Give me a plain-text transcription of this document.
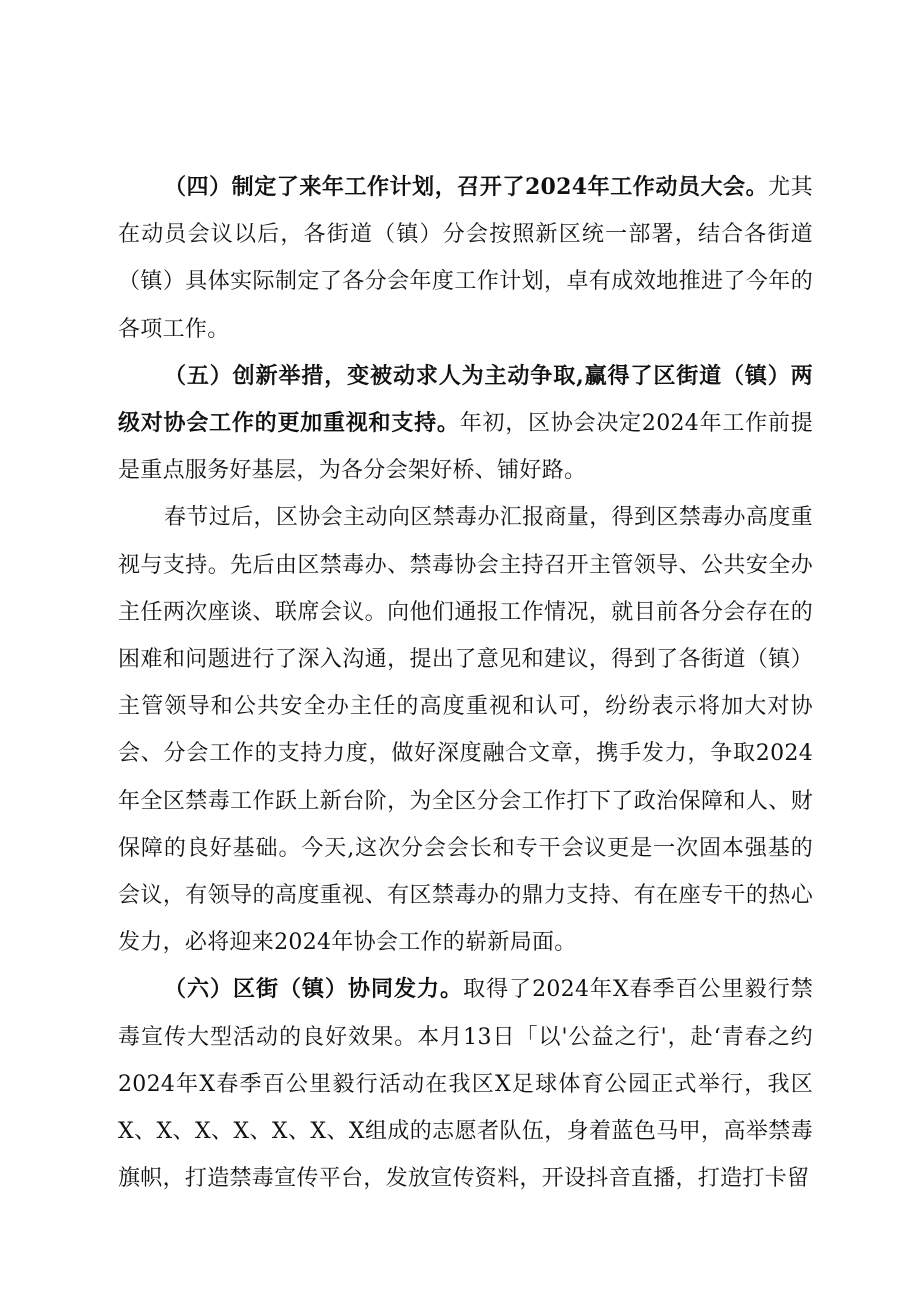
（四）制定了来年工作计划，召开了2024年工作动员大会。尤其在动员会议以后，各街道（镇）分会按照新区统一部署，结合各街道（镇）具体实际制定了各分会年度工作计划，卓有成效地推进了今年的各项工作。

（五）创新举措，变被动求人为主动争取,赢得了区街道（镇）两级对协会工作的更加重视和支持。年初，区协会决定2024年工作前提是重点服务好基层，为各分会架好桥、铺好路。

春节过后，区协会主动向区禁毒办汇报商量，得到区禁毒办高度重视与支持。先后由区禁毒办、禁毒协会主持召开主管领导、公共安全办主任两次座谈、联席会议。向他们通报工作情况，就目前各分会存在的困难和问题进行了深入沟通，提出了意见和建议，得到了各街道（镇）主管领导和公共安全办主任的高度重视和认可，纷纷表示将加大对协会、分会工作的支持力度，做好深度融合文章，携手发力，争取2024年全区禁毒工作跃上新台阶，为全区分会工作打下了政治保障和人、财保障的良好基础。今天,这次分会会长和专干会议更是一次固本强基的会议，有领导的高度重视、有区禁毒办的鼎力支持、有在座专干的热心发力，必将迎来2024年协会工作的崭新局面。

（六）区街（镇）协同发力。取得了2024年X春季百公里毅行禁毒宣传大型活动的良好效果。本月13日「以'公益之行'，赴‘青春之约2024年X春季百公里毅行活动在我区X足球体育公园正式举行，我区X、X、X、X、X、X、X组成的志愿者队伍，身着蓝色马甲，高举禁毒旗帜，打造禁毒宣传平台，发放宣传资料，开设抖音直播，打造打卡留
